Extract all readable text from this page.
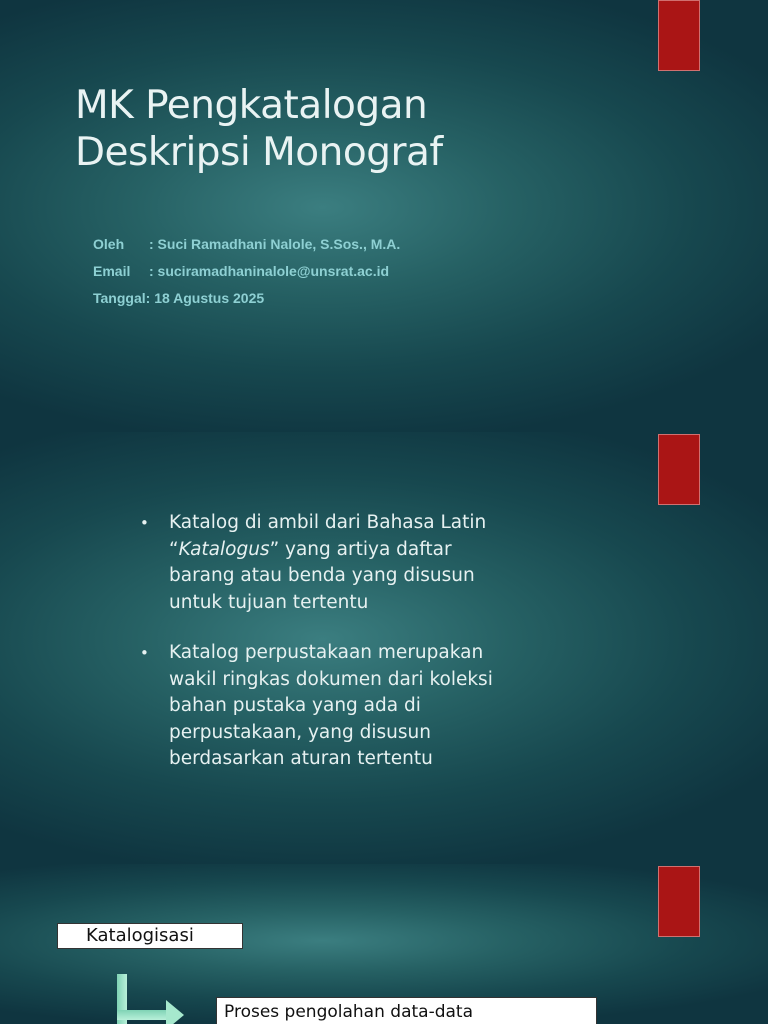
MK Pengkatalogan
Deskripsi Monograf
Oleh : Suci Ramadhani Nalole, S.Sos., M.A.
Email : suciramadhaninalole@unsrat.ac.id
Tanggal: 18 Agustus 2025
• Katalog di ambil dari Bahasa Latin “Katalogus” yang artiya daftar barang atau benda yang disusun untuk tujuan tertentu
• Katalog perpustakaan merupakan wakil ringkas dokumen dari koleksi bahan pustaka yang ada di perpustakaan, yang disusun berdasarkan aturan tertentu
Katalogisasi
Proses pengolahan data-data
